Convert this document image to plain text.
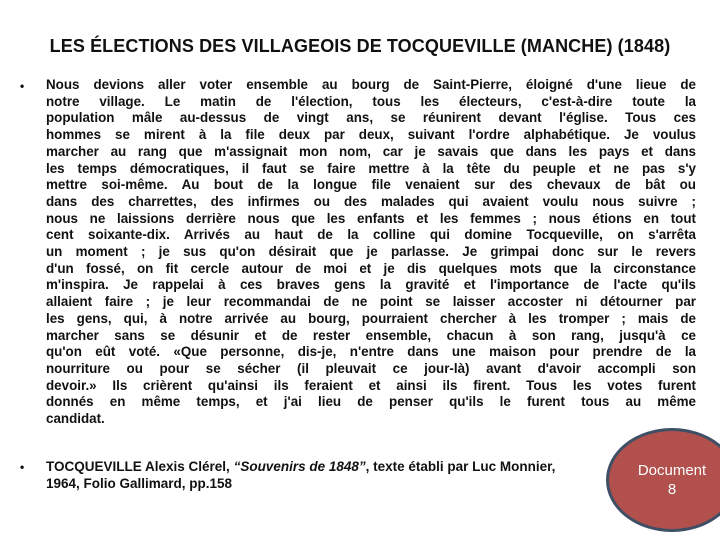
LES ÉLECTIONS DES VILLAGEOIS DE TOCQUEVILLE (MANCHE) (1848)
• Nous devions aller voter ensemble au bourg de Saint-Pierre, éloigné d'une lieue de
notre village. Le matin de l'élection, tous les électeurs, c'est-à-dire toute la
population mâle au-dessus de vingt ans, se réunirent devant l'église. Tous ces
hommes se mirent à la file deux par deux, suivant l'ordre alphabétique. Je voulus
marcher au rang que m'assignait mon nom, car je savais que dans les pays et dans
les temps démocratiques, il faut se faire mettre à la tête du peuple et ne pas s'y
mettre soi-même. Au bout de la longue file venaient sur des chevaux de bât ou
dans des charrettes, des infirmes ou des malades qui avaient voulu nous suivre ;
nous ne laissions derrière nous que les enfants et les femmes ; nous étions en tout
cent soixante-dix. Arrivés au haut de la colline qui domine Tocqueville, on s'arrêta
un moment ; je sus qu'on désirait que je parlasse. Je grimpai donc sur le revers
d'un fossé, on fit cercle autour de moi et je dis quelques mots que la circonstance
m'inspira. Je rappelai à ces braves gens la gravité et l'importance de l'acte qu'ils
allaient faire ; je leur recommandai de ne point se laisser accoster ni détourner par
les gens, qui, à notre arrivée au bourg, pourraient chercher à les tromper ; mais de
marcher sans se désunir et de rester ensemble, chacun à son rang, jusqu'à ce
qu'on eût voté. «Que personne, dis-je, n'entre dans une maison pour prendre de la
nourriture ou pour se sécher (il pleuvait ce jour-là) avant d'avoir accompli son
devoir.» Ils crièrent qu'ainsi ils feraient et ainsi ils firent. Tous les votes furent
donnés en même temps, et j'ai lieu de penser qu'ils le furent tous au même
candidat.
• TOCQUEVILLE Alexis Clérel, “Souvenirs de 1848”, texte établi par Luc Monnier,
1964, Folio Gallimard, pp.158
Document
8
